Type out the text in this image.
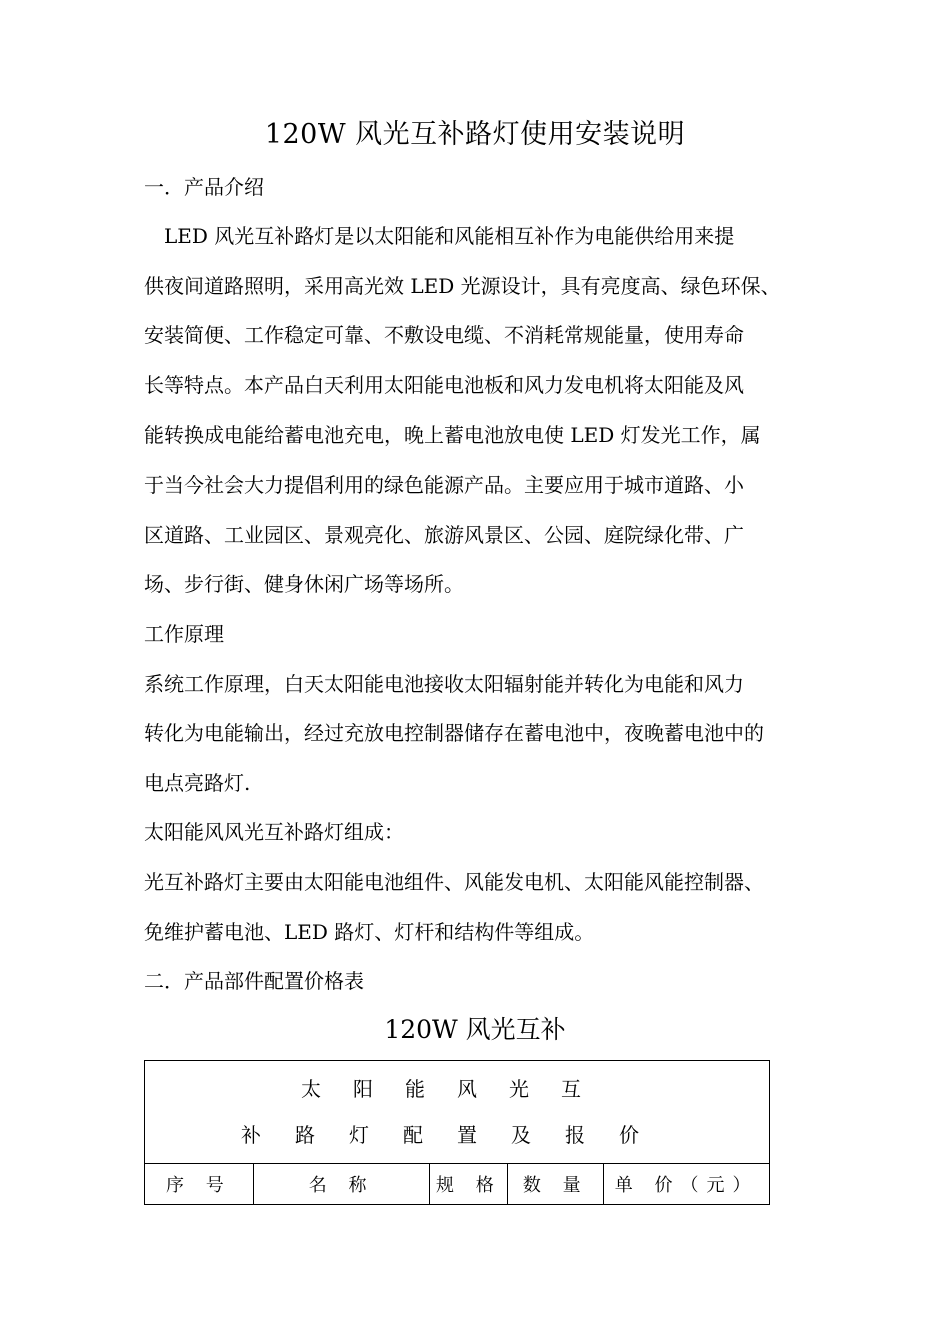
120W 风光互补路灯使用安装说明
一．产品介绍
　LED 风光互补路灯是以太阳能和风能相互补作为电能供给用来提
供夜间道路照明，采用高光效 LED 光源设计，具有亮度高、绿色环保、
安装简便、工作稳定可靠、不敷设电缆、不消耗常规能量，使用寿命
长等特点。本产品白天利用太阳能电池板和风力发电机将太阳能及风
能转换成电能给蓄电池充电，晚上蓄电池放电使 LED 灯发光工作，属
于当今社会大力提倡利用的绿色能源产品。主要应用于城市道路、小
区道路、工业园区、景观亮化、旅游风景区、公园、庭院绿化带、广
场、步行街、健身休闲广场等场所。
工作原理
系统工作原理，白天太阳能电池接收太阳辐射能并转化为电能和风力
转化为电能输出，经过充放电控制器储存在蓄电池中，夜晚蓄电池中的
电点亮路灯.
太阳能风风光互补路灯组成：
光互补路灯主要由太阳能电池组件、风能发电机、太阳能风能控制器、
免维护蓄电池、LED 路灯、灯杆和结构件等组成。
二．产品部件配置价格表
120W 风光互补
太阳能风光互
补路灯配置及报价

序 号	名 称	规 格	数 量	单 价（元）
